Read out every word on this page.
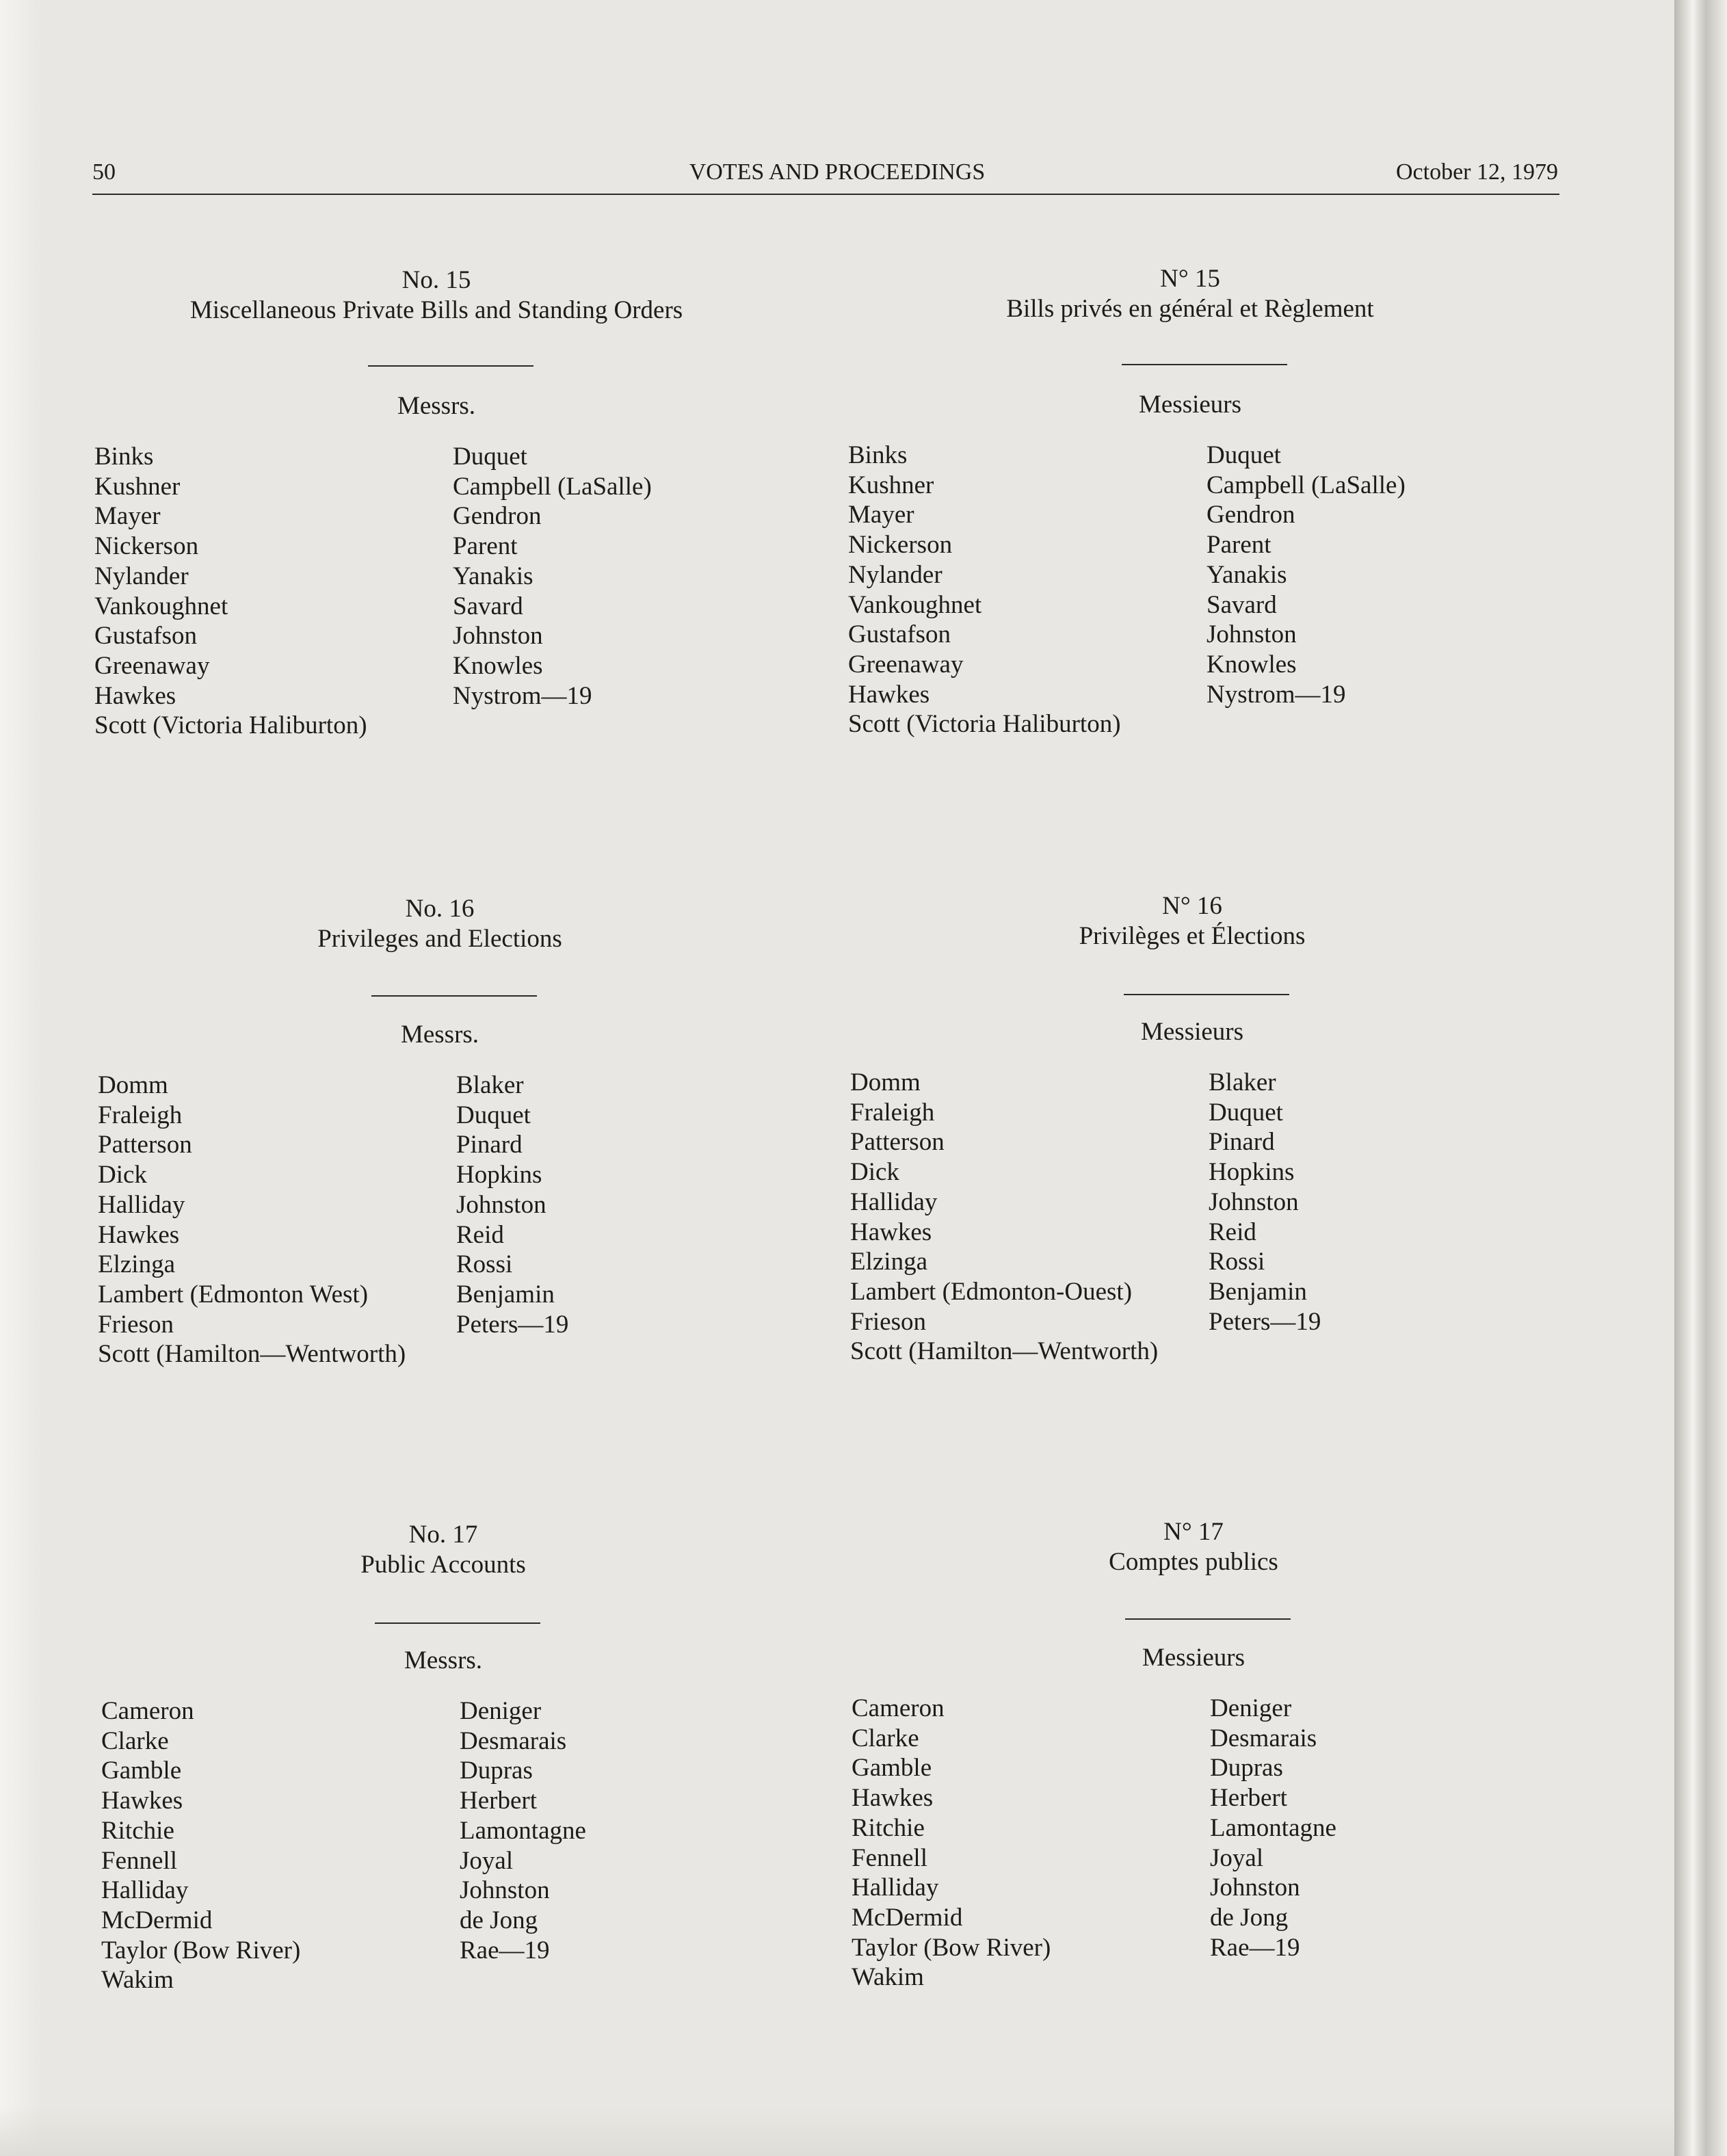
50	VOTES AND PROCEEDINGS	October 12, 1979
No. 15
Miscellaneous Private Bills and Standing Orders
Messrs.
Binks
Kushner
Mayer
Nickerson
Nylander
Vankoughnet
Gustafson
Greenaway
Hawkes
Scott (Victoria Haliburton)
Duquet
Campbell (LaSalle)
Gendron
Parent
Yanakis
Savard
Johnston
Knowles
Nystrom—19
N° 15
Bills privés en général et Règlement
Messieurs
Binks
Kushner
Mayer
Nickerson
Nylander
Vankoughnet
Gustafson
Greenaway
Hawkes
Scott (Victoria Haliburton)
Duquet
Campbell (LaSalle)
Gendron
Parent
Yanakis
Savard
Johnston
Knowles
Nystrom—19
No. 16
Privileges and Elections
Messrs.
Domm
Fraleigh
Patterson
Dick
Halliday
Hawkes
Elzinga
Lambert (Edmonton West)
Frieson
Scott (Hamilton—Wentworth)
Blaker
Duquet
Pinard
Hopkins
Johnston
Reid
Rossi
Benjamin
Peters—19
N° 16
Privilèges et Élections
Messieurs
Domm
Fraleigh
Patterson
Dick
Halliday
Hawkes
Elzinga
Lambert (Edmonton-Ouest)
Frieson
Scott (Hamilton—Wentworth)
Blaker
Duquet
Pinard
Hopkins
Johnston
Reid
Rossi
Benjamin
Peters—19
No. 17
Public Accounts
Messrs.
Cameron
Clarke
Gamble
Hawkes
Ritchie
Fennell
Halliday
McDermid
Taylor (Bow River)
Wakim
Deniger
Desmarais
Dupras
Herbert
Lamontagne
Joyal
Johnston
de Jong
Rae—19
N° 17
Comptes publics
Messieurs
Cameron
Clarke
Gamble
Hawkes
Ritchie
Fennell
Halliday
McDermid
Taylor (Bow River)
Wakim
Deniger
Desmarais
Dupras
Herbert
Lamontagne
Joyal
Johnston
de Jong
Rae—19
